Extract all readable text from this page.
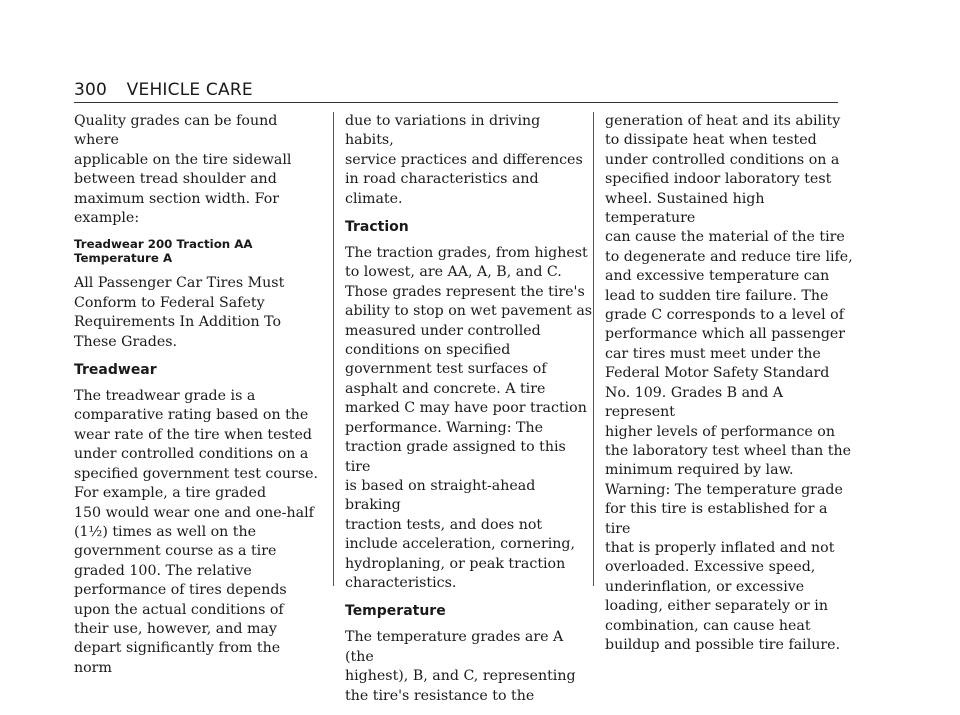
300 VEHICLE CARE

Quality grades can be found where
applicable on the tire sidewall
between tread shoulder and
maximum section width. For
example:

Treadwear 200 Traction AA
Temperature A

All Passenger Car Tires Must
Conform to Federal Safety
Requirements In Addition To
These Grades.

Treadwear

The treadwear grade is a
comparative rating based on the
wear rate of the tire when tested
under controlled conditions on a
specified government test course.
For example, a tire graded
150 would wear one and one-half
(1½) times as well on the
government course as a tire
graded 100. The relative
performance of tires depends
upon the actual conditions of
their use, however, and may
depart significantly from the norm

due to variations in driving habits,
service practices and differences
in road characteristics and
climate.

Traction

The traction grades, from highest
to lowest, are AA, A, B, and C.
Those grades represent the tire's
ability to stop on wet pavement as
measured under controlled
conditions on specified
government test surfaces of
asphalt and concrete. A tire
marked C may have poor traction
performance. Warning: The
traction grade assigned to this tire
is based on straight-ahead braking
traction tests, and does not
include acceleration, cornering,
hydroplaning, or peak traction
characteristics.

Temperature

The temperature grades are A (the
highest), B, and C, representing
the tire's resistance to the

generation of heat and its ability
to dissipate heat when tested
under controlled conditions on a
specified indoor laboratory test
wheel. Sustained high temperature
can cause the material of the tire
to degenerate and reduce tire life,
and excessive temperature can
lead to sudden tire failure. The
grade C corresponds to a level of
performance which all passenger
car tires must meet under the
Federal Motor Safety Standard
No. 109. Grades B and A represent
higher levels of performance on
the laboratory test wheel than the
minimum required by law.
Warning: The temperature grade
for this tire is established for a tire
that is properly inflated and not
overloaded. Excessive speed,
underinflation, or excessive
loading, either separately or in
combination, can cause heat
buildup and possible tire failure.
